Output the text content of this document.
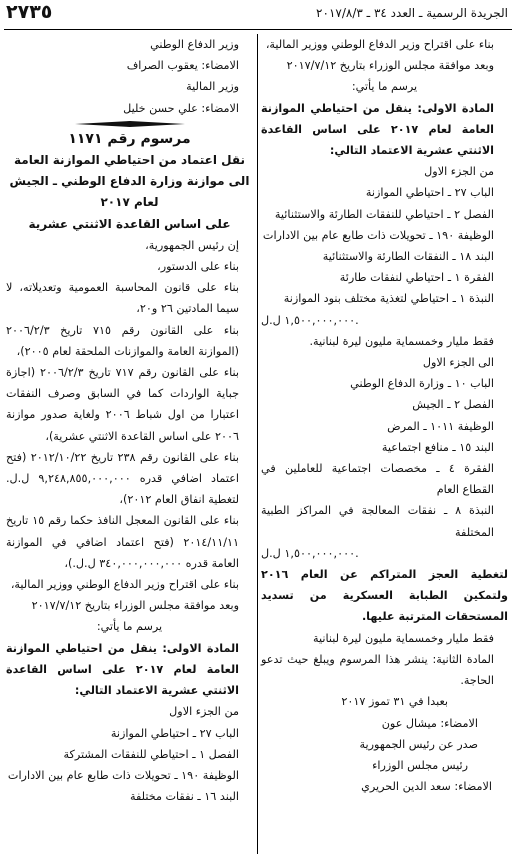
الجريدة الرسمية ـ العدد ٣٤ ـ ٢٠١٧/٨/٣
٢٧٣٥
بناء على اقتراح وزير الدفاع الوطني ووزير المالية،
وبعد موافقة مجلس الوزراء بتاريخ ٢٠١٧/٧/١٢
يرسم ما يأتي:
المادة الاولى: ينقل من احتياطي الموازنة العامة لعام ٢٠١٧ على اساس القاعدة الاثنتي عشرية الاعتماد التالي:
من الجزء الاول
الباب ٢٧ ـ احتياطي الموازنة
الفصل ٢ ـ احتياطي للنفقات الطارئة والاستثنائية
الوظيفة ١٩٠ ـ تحويلات ذات طابع عام بين الادارات
البند ١٨ ـ النفقات الطارئة والاستثنائية
الفقرة ١ ـ احتياطي لنفقات طارئة
النبذة ١ ـ احتياطي لتغذية مختلف بنود الموازنة
١,٥٠٠,٠٠٠,٠٠٠ ل.ل.
فقط مليار وخمسماية مليون ليرة لبنانية.
الى الجزء الاول
الباب ١٠ ـ وزارة الدفاع الوطني
الفصل ٢ ـ الجيش
الوظيفة ١٠١١ ـ المرض
البند ١٥ ـ منافع اجتماعية
الفقرة ٤ ـ مخصصات اجتماعية للعاملين في القطاع العام
النبذة ٨ ـ نفقات المعالجة في المراكز الطبية المختلفة
١,٥٠٠,٠٠٠,٠٠٠ ل.ل.
لتغطية العجز المتراكم عن العام ٢٠١٦ ولتمكين الطبابة العسكرية من تسديد المستحقات المترتبة عليها.
فقط مليار وخمسماية مليون ليرة لبنانية
المادة الثانية: ينشر هذا المرسوم ويبلغ حيث تدعو الحاجة.
بعبدا في ٣١ تموز ٢٠١٧
الامضاء: ميشال عون
صدر عن رئيس الجمهورية
رئيس مجلس الوزراء
الامضاء: سعد الدين الحريري
وزير الدفاع الوطني
الامضاء: يعقوب الصراف
وزير المالية
الامضاء: علي حسن خليل
مرسوم رقم ١١٧١
نقل اعتماد من احتياطي الموازنة العامة الى موازنة وزارة الدفاع الوطني ـ الجيش لعام ٢٠١٧
على اساس القاعدة الاثنتي عشرية
إن رئيس الجمهورية،
بناء على الدستور،
بناء على قانون المحاسبة العمومية وتعديلاته، لا سيما المادتين ٢٦ و٢٠،
بناء على القانون رقم ٧١٥ تاريخ ٢٠٠٦/٢/٣ (الموازنة العامة والموازنات الملحقة لعام ٢٠٠٥)،
بناء على القانون رقم ٧١٧ تاريخ ٢٠٠٦/٢/٣ (اجازة جباية الواردات كما في السابق وصرف النفقات اعتبارا من اول شباط ٢٠٠٦ ولغاية صدور موازنة ٢٠٠٦ على اساس القاعدة الاثنتي عشرية)،
بناء على القانون رقم ٢٣٨ تاريخ ٢٠١٢/١٠/٢٢ (فتح اعتماد اضافي قدره ٩,٢٤٨,٨٥٥,٠٠٠,٠٠٠ ل.ل. لتغطية انفاق العام ٢٠١٢)،
بناء على القانون المعجل النافذ حكما رقم ١٥ تاريخ ٢٠١٤/١١/١١ (فتح اعتماد اضافي في الموازنة العامة قدره ٣٤٠,٠٠٠,٠٠٠,٠٠٠ ل.ل.)،
بناء على اقتراح وزير الدفاع الوطني ووزير المالية،
وبعد موافقة مجلس الوزراء بتاريخ ٢٠١٧/٧/١٢
يرسم ما يأتي:
المادة الاولى: ينقل من احتياطي الموازنة العامة لعام ٢٠١٧ على اساس القاعدة الاثنتي عشرية الاعتماد التالي:
من الجزء الاول
الباب ٢٧ ـ احتياطي الموازنة
الفصل ١ ـ احتياطي للنفقات المشتركة
الوظيفة ١٩٠ ـ تحويلات ذات طابع عام بين الادارات
البند ١٦ ـ نفقات مختلفة
